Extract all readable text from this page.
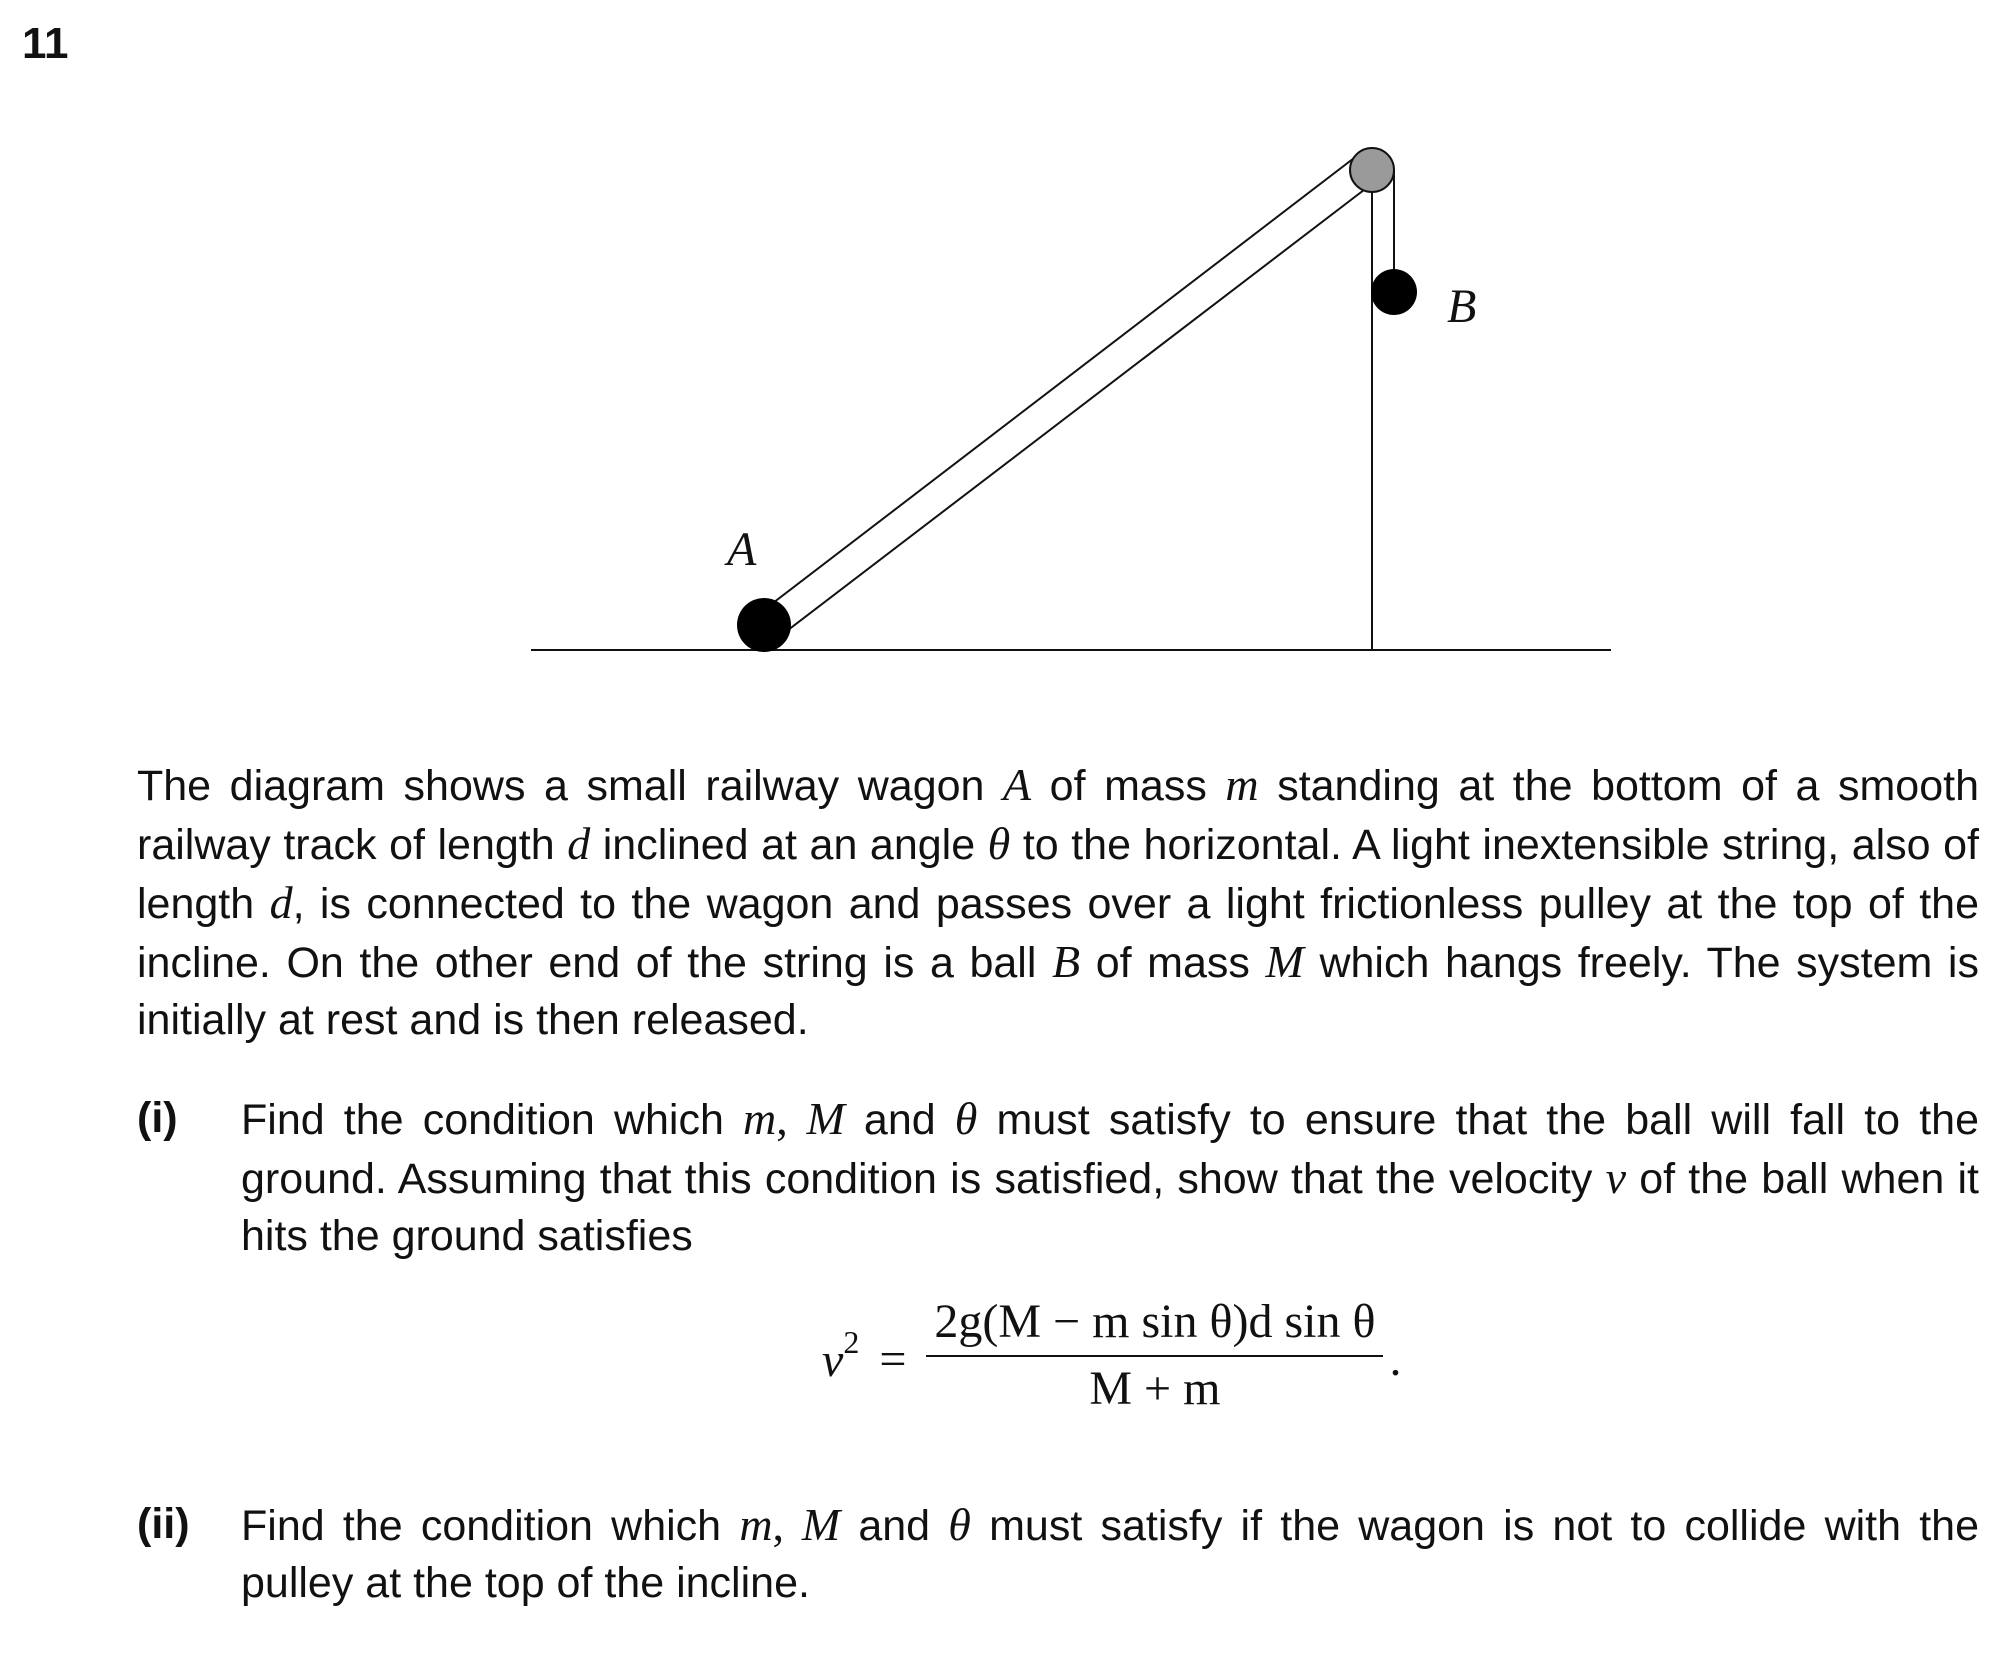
11
A
B

The diagram shows a small railway wagon A of mass m standing at the bottom of a smooth railway track of length d inclined at an angle θ to the horizontal. A light inextensible string, also of length d, is connected to the wagon and passes over a light frictionless pulley at the top of the incline. On the other end of the string is a ball B of mass M which hangs freely. The system is initially at rest and is then released.

(i) Find the condition which m, M and θ must satisfy to ensure that the ball will fall to the ground. Assuming that this condition is satisfied, show that the velocity v of the ball when it hits the ground satisfies
$v^2 = \frac{\text{2g(M − m sin θ)d sin θ}}{M + m}$ .
(ii) Find the condition which m, M and θ must satisfy if the wagon is not to collide with the pulley at the top of the incline.
